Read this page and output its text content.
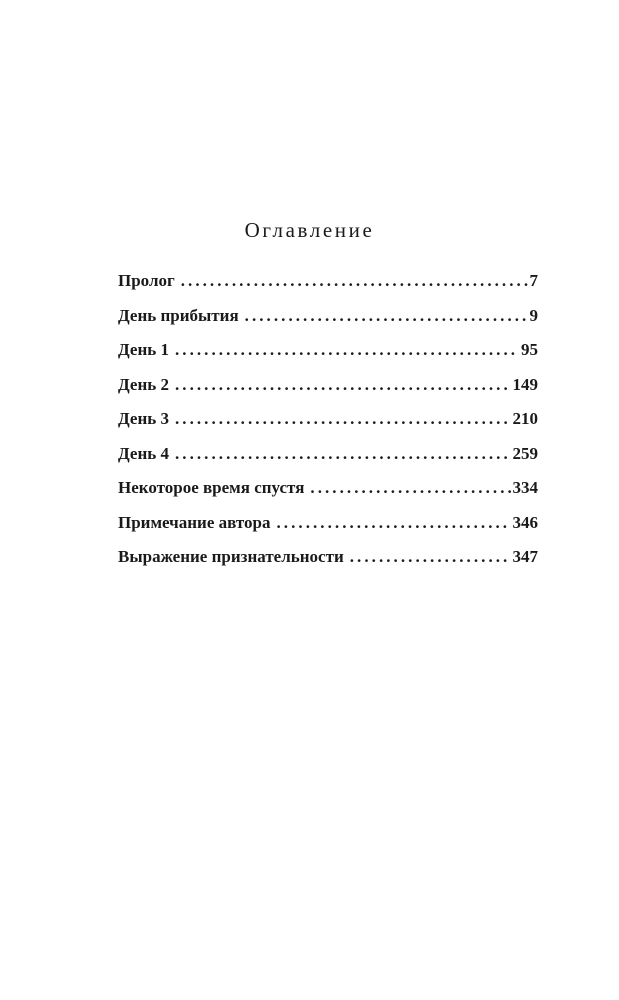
Оглавление
Пролог . . .	7
День прибытия . . .	9
День 1 . . .	95
День 2 . . .	149
День 3 . . .	210
День 4 . . .	259
Некоторое время спустя . . .	334
Примечание автора . . .	346
Выражение признательности . . .	347
